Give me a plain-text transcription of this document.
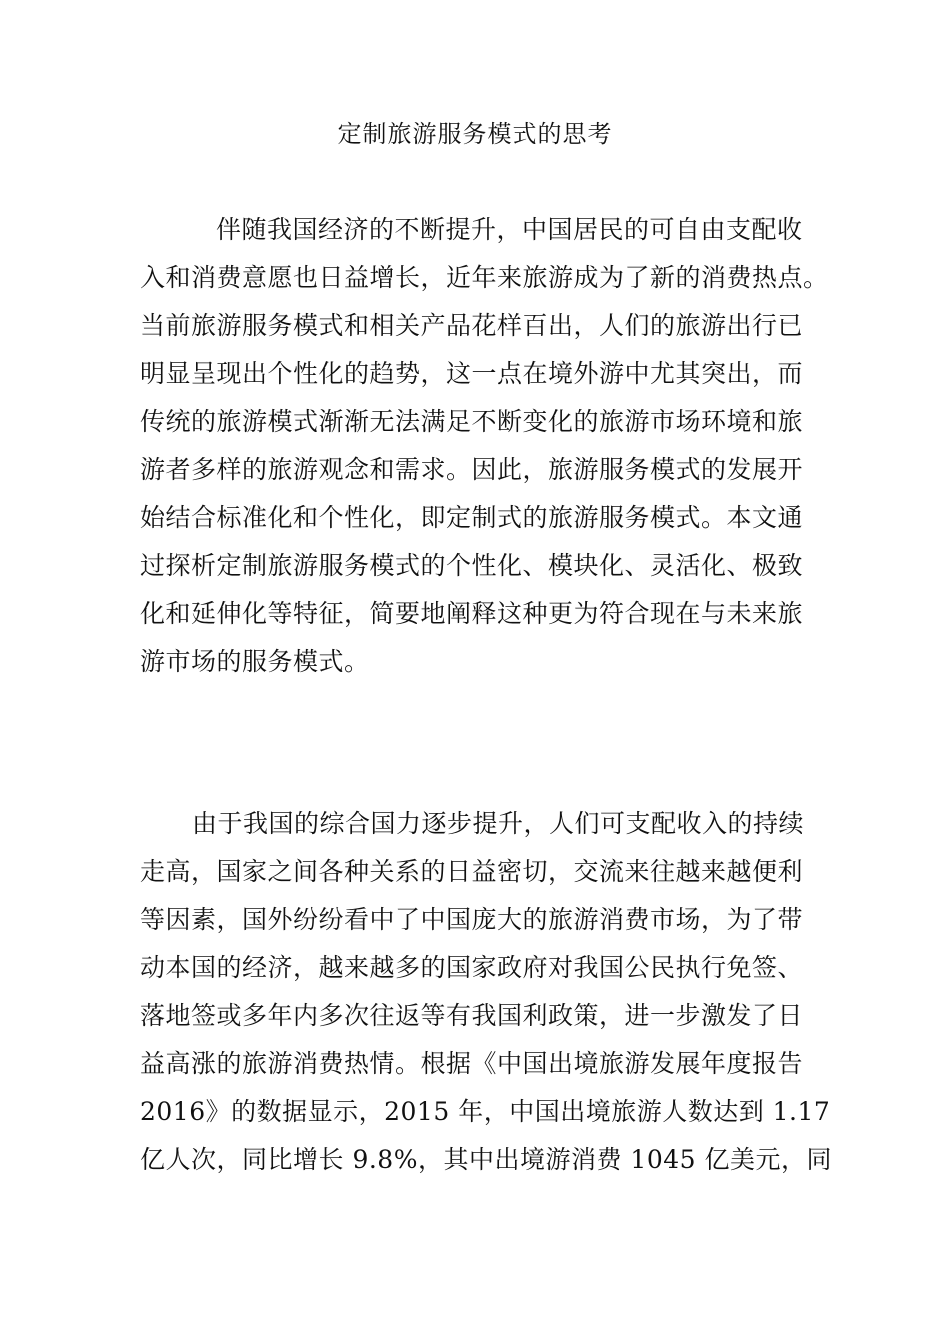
定制旅游服务模式的思考
伴随我国经济的不断提升，中国居民的可自由支配收
入和消费意愿也日益增长，近年来旅游成为了新的消费热点。
当前旅游服务模式和相关产品花样百出，人们的旅游出行已
明显呈现出个性化的趋势，这一点在境外游中尤其突出，而
传统的旅游模式渐渐无法满足不断变化的旅游市场环境和旅
游者多样的旅游观念和需求。因此，旅游服务模式的发展开
始结合标准化和个性化，即定制式的旅游服务模式。本文通
过探析定制旅游服务模式的个性化、模块化、灵活化、极致
化和延伸化等特征，简要地阐释这种更为符合现在与未来旅
游市场的服务模式。
由于我国的综合国力逐步提升，人们可支配收入的持续
走高，国家之间各种关系的日益密切，交流来往越来越便利
等因素，国外纷纷看中了中国庞大的旅游消费市场，为了带
动本国的经济，越来越多的国家政府对我国公民执行免签、
落地签或多年内多次往返等有我国利政策，进一步激发了日
益高涨的旅游消费热情。根据《中国出境旅游发展年度报告
2016》的数据显示，2015 年，中国出境旅游人数达到 1.17
亿人次，同比增长 9.8%，其中出境游消费 1045 亿美元，同
